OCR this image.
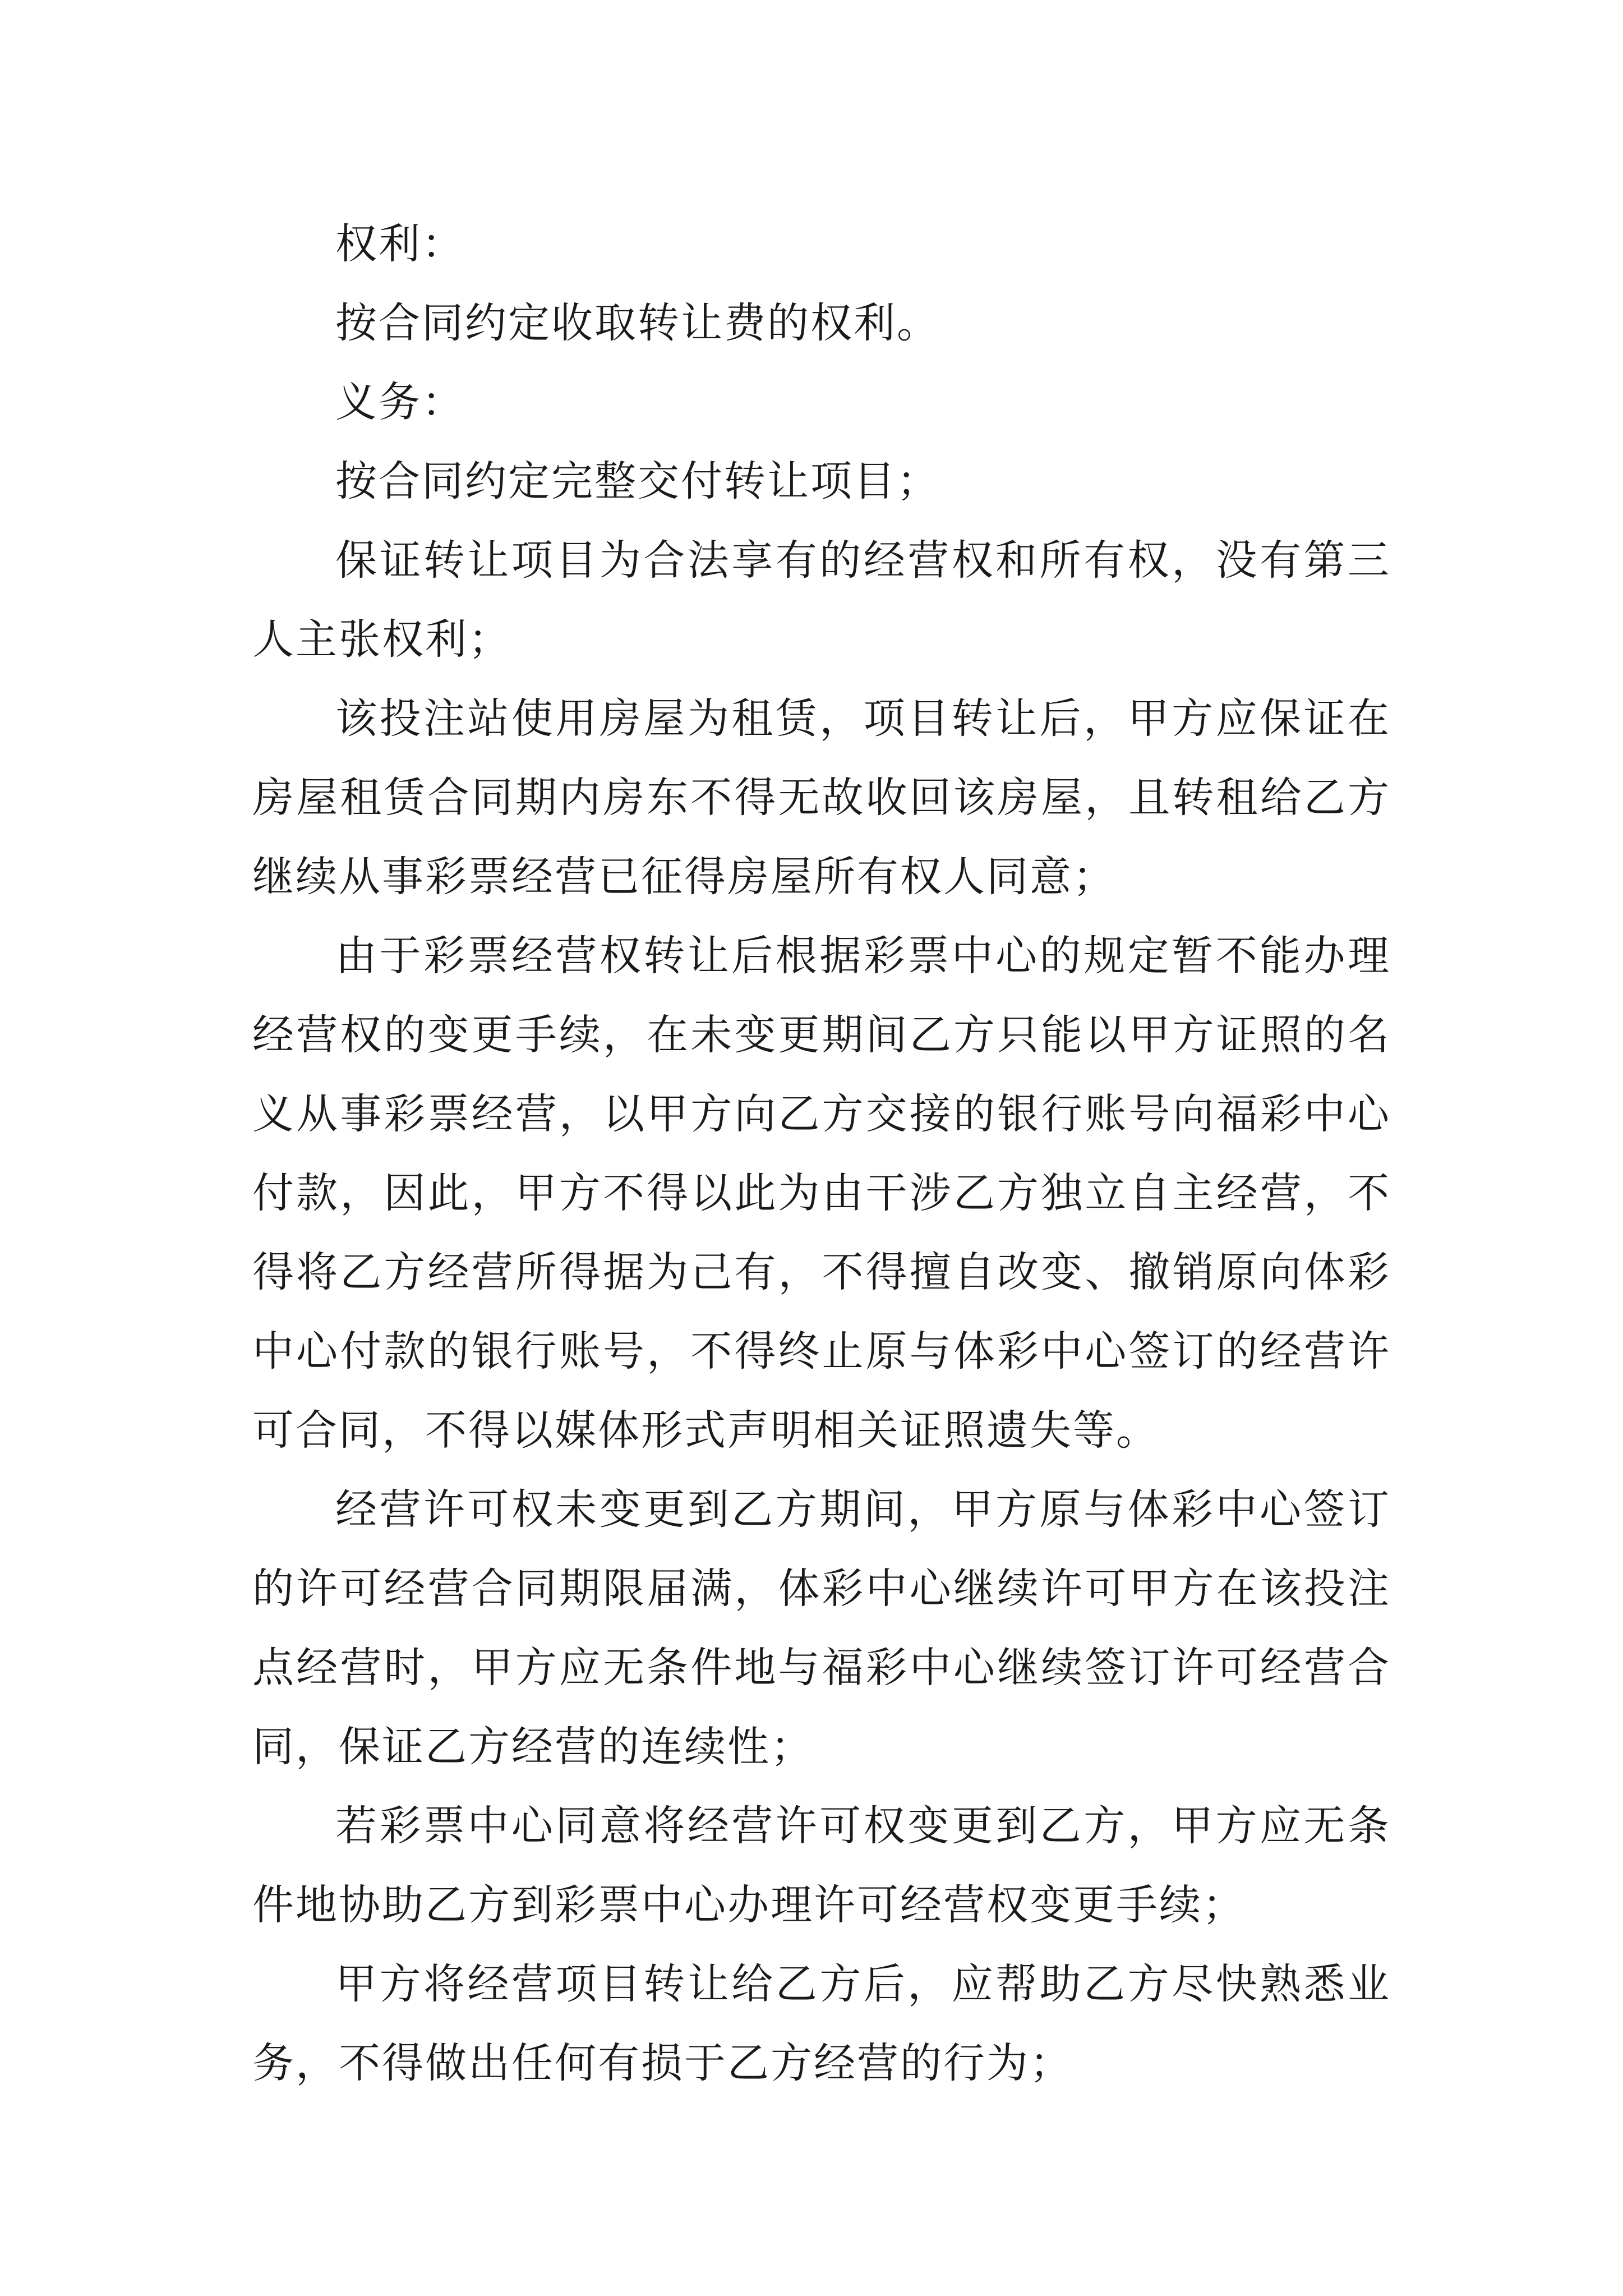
权利：

按合同约定收取转让费的权利。

义务：

按合同约定完整交付转让项目；

保证转让项目为合法享有的经营权和所有权，没有第三人主张权利；

该投注站使用房屋为租赁，项目转让后，甲方应保证在房屋租赁合同期内房东不得无故收回该房屋，且转租给乙方继续从事彩票经营已征得房屋所有权人同意；

由于彩票经营权转让后根据彩票中心的规定暂不能办理经营权的变更手续，在未变更期间乙方只能以甲方证照的名义从事彩票经营，以甲方向乙方交接的银行账号向福彩中心付款，因此，甲方不得以此为由干涉乙方独立自主经营，不得将乙方经营所得据为己有，不得擅自改变、撤销原向体彩中心付款的银行账号，不得终止原与体彩中心签订的经营许可合同，不得以媒体形式声明相关证照遗失等。

经营许可权未变更到乙方期间，甲方原与体彩中心签订的许可经营合同期限届满，体彩中心继续许可甲方在该投注点经营时，甲方应无条件地与福彩中心继续签订许可经营合同，保证乙方经营的连续性；

若彩票中心同意将经营许可权变更到乙方，甲方应无条件地协助乙方到彩票中心办理许可经营权变更手续；

甲方将经营项目转让给乙方后，应帮助乙方尽快熟悉业务，不得做出任何有损于乙方经营的行为；
